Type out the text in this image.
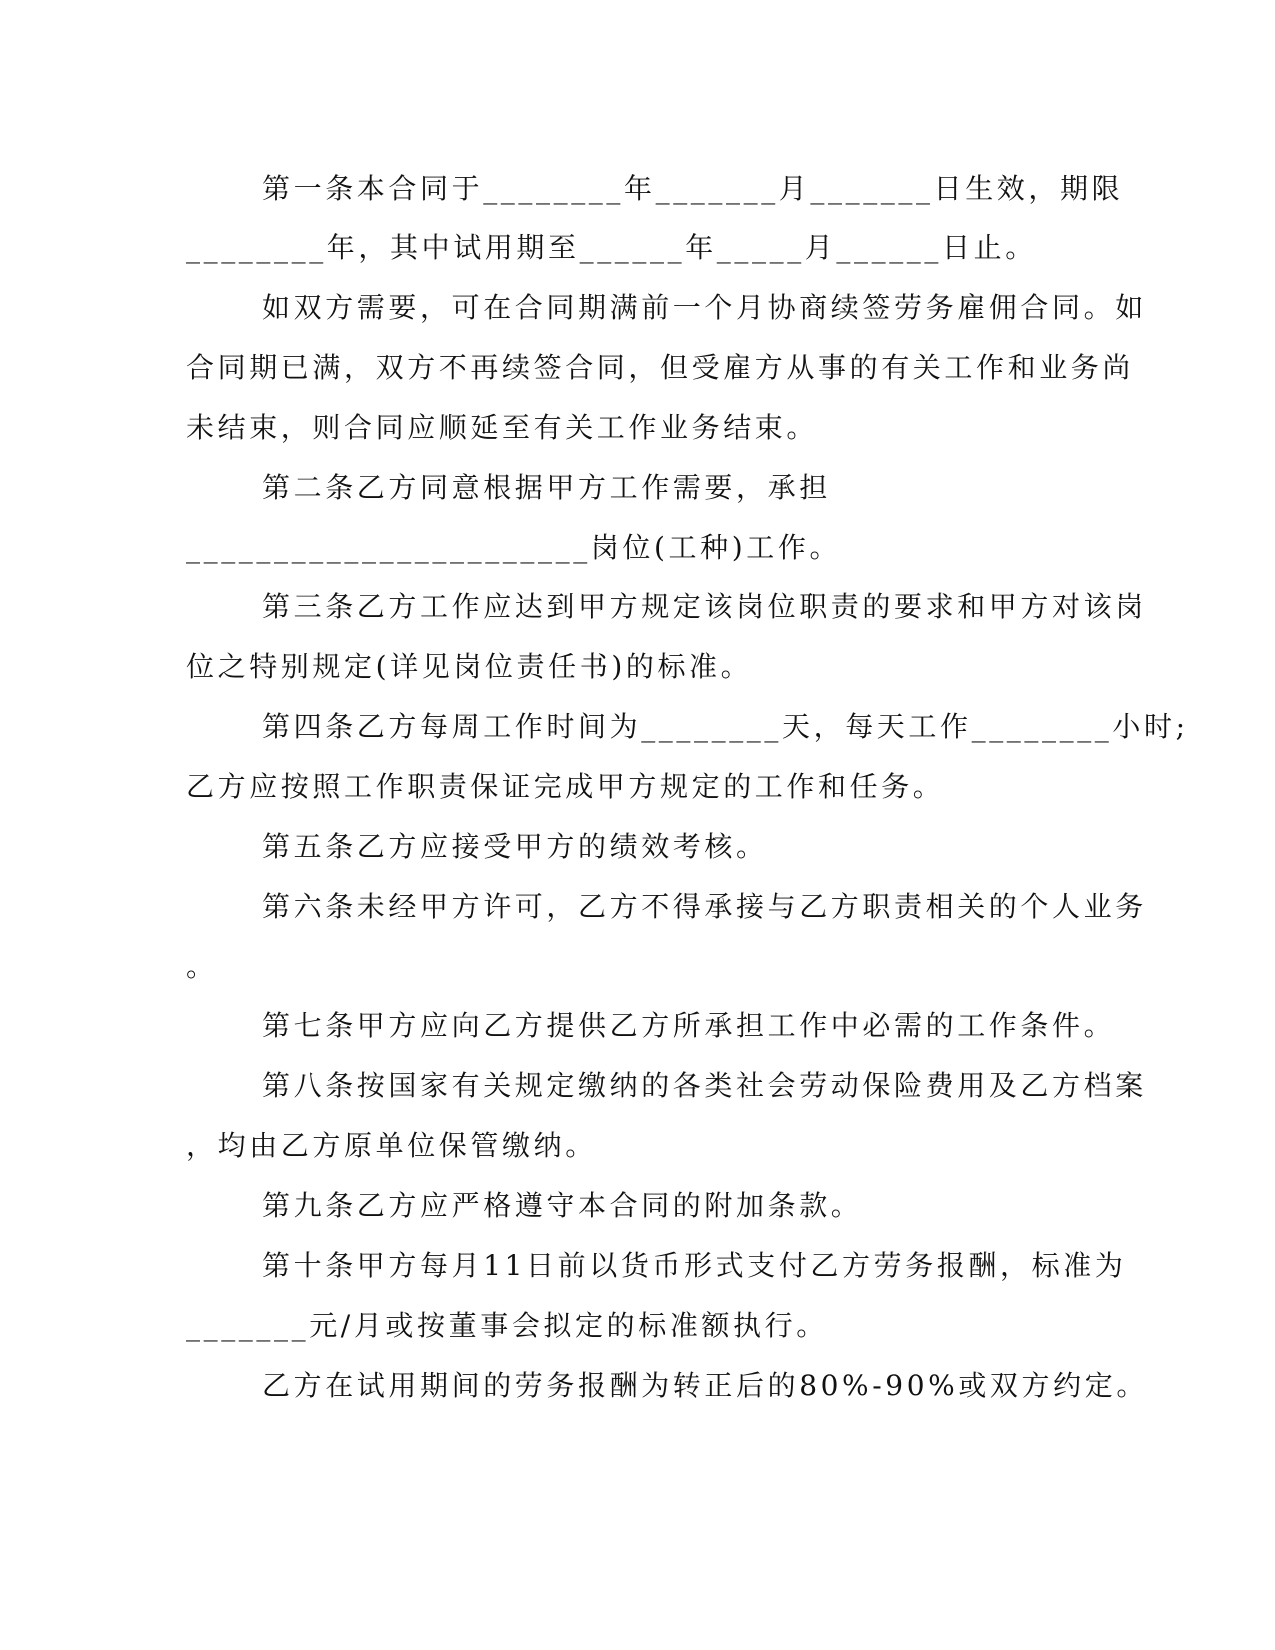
第一条本合同于________年_______月_______日生效，期限
________年，其中试用期至______年_____月______日止。
如双方需要，可在合同期满前一个月协商续签劳务雇佣合同。如
合同期已满，双方不再续签合同，但受雇方从事的有关工作和业务尚
未结束，则合同应顺延至有关工作业务结束。
第二条乙方同意根据甲方工作需要，承担
_______________________岗位(工种)工作。
第三条乙方工作应达到甲方规定该岗位职责的要求和甲方对该岗
位之特别规定(详见岗位责任书)的标准。
第四条乙方每周工作时间为________天，每天工作________小时;
乙方应按照工作职责保证完成甲方规定的工作和任务。
第五条乙方应接受甲方的绩效考核。
第六条未经甲方许可，乙方不得承接与乙方职责相关的个人业务
。
第七条甲方应向乙方提供乙方所承担工作中必需的工作条件。
第八条按国家有关规定缴纳的各类社会劳动保险费用及乙方档案
，均由乙方原单位保管缴纳。
第九条乙方应严格遵守本合同的附加条款。
第十条甲方每月11日前以货币形式支付乙方劳务报酬，标准为
_______元/月或按董事会拟定的标准额执行。
乙方在试用期间的劳务报酬为转正后的80%-90%或双方约定。
